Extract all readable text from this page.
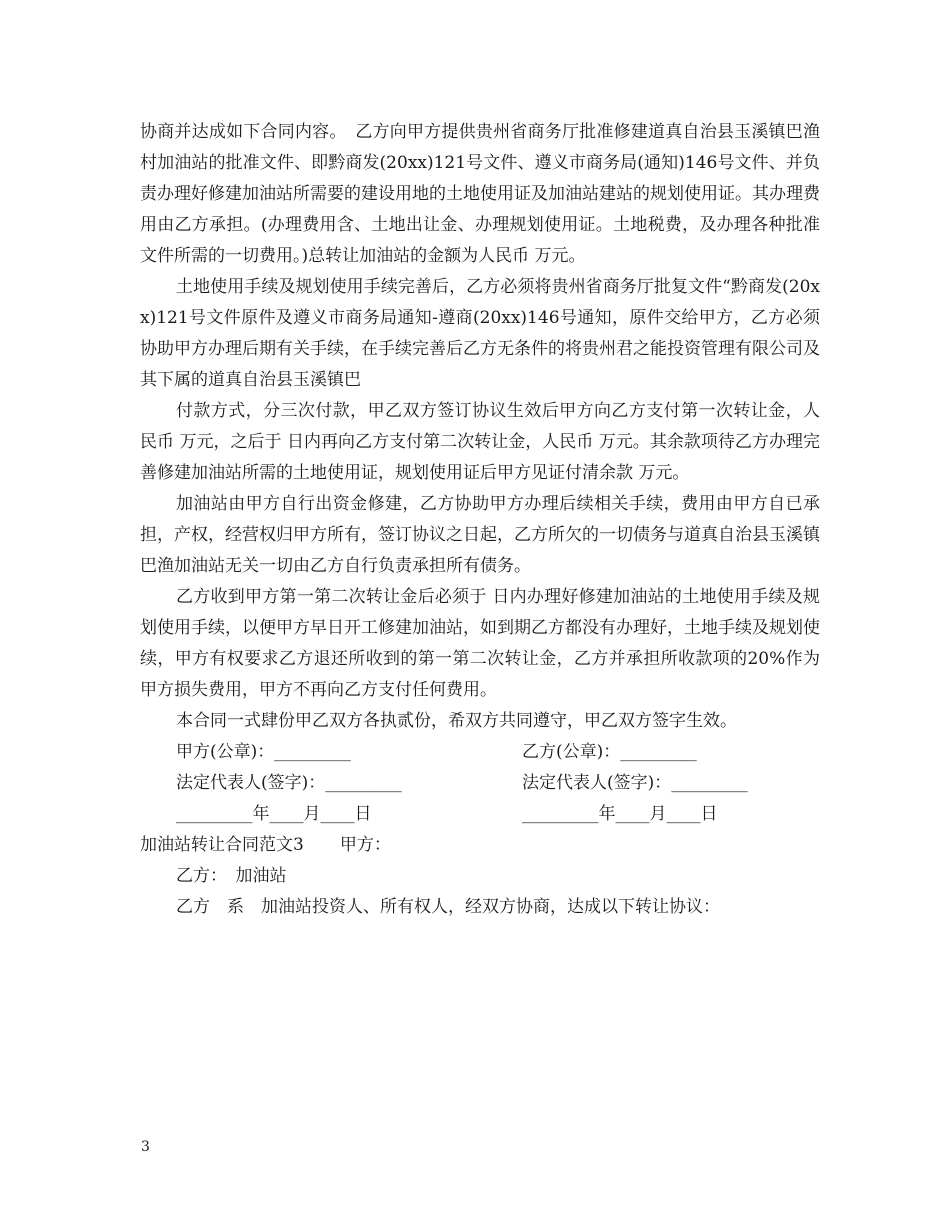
协商并达成如下合同内容。　乙方向甲方提供贵州省商务厅批准修建道真自治县玉溪镇巴渔村加油站的批准文件、即黔商发(20xx)121号文件、遵义市商务局(通知)146号文件、并负责办理好修建加油站所需要的建设用地的土地使用证及加油站建站的规划使用证。其办理费用由乙方承担。(办理费用含、土地出让金、办理规划使用证。土地税费，及办理各种批准文件所需的一切费用。)总转让加油站的金额为人民币 万元。

土地使用手续及规划使用手续完善后，乙方必须将贵州省商务厅批复文件“黔商发(20xx)121号文件原件及遵义市商务局通知-遵商(20xx)146号通知，原件交给甲方，乙方必须协助甲方办理后期有关手续，在手续完善后乙方无条件的将贵州君之能投资管理有限公司及其下属的道真自治县玉溪镇巴

付款方式，分三次付款，甲乙双方签订协议生效后甲方向乙方支付第一次转让金，人民币 万元，之后于 日内再向乙方支付第二次转让金，人民币 万元。其余款项待乙方办理完善修建加油站所需的土地使用证，规划使用证后甲方见证付清余款 万元。

加油站由甲方自行出资金修建，乙方协助甲方办理后续相关手续，费用由甲方自已承担，产权，经营权归甲方所有，签订协议之日起，乙方所欠的一切债务与道真自治县玉溪镇巴渔加油站无关一切由乙方自行负责承担所有债务。

乙方收到甲方第一第二次转让金后必须于 日内办理好修建加油站的土地使用手续及规划使用手续，以便甲方早日开工修建加油站，如到期乙方都没有办理好，土地手续及规划使续，甲方有权要求乙方退还所收到的第一第二次转让金，乙方并承担所收款项的20%作为甲方损失费用，甲方不再向乙方支付任何费用。

本合同一式肆份甲乙双方各执贰份，希双方共同遵守，甲乙双方签字生效。

甲方(公章)：_________	乙方(公章)：_________
法定代表人(签字)：_________	法定代表人(签字)：_________
_________年____月____日	_________年____月____日

加油站转让合同范文3 甲方：

乙方：　加油站

乙方　系　加油站投资人、所有权人，经双方协商，达成以下转让协议：

3
